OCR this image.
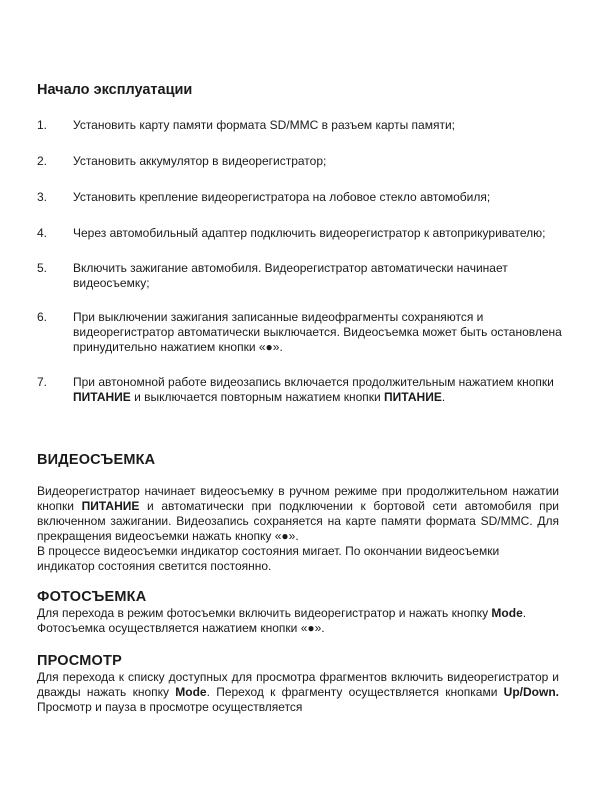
Начало эксплуатации
1.	Установить карту памяти формата SD/MMC в разъем карты памяти;
2.	Установить аккумулятор в видеорегистратор;
3.	Установить крепление видеорегистратора на лобовое стекло автомобиля;
4.	Через автомобильный адаптер подключить видеорегистратор к автоприкуривателю;
5.	Включить зажигание автомобиля. Видеорегистратор автоматически начинает видеосъемку;
6.	При выключении зажигания записанные видеофрагменты сохраняются и видеорегистратор автоматически выключается. Видеосъемка может быть остановлена принудительно нажатием кнопки «●».
7.	При автономной работе видеозапись включается продолжительным нажатием кнопки ПИТАНИЕ и выключается повторным нажатием кнопки ПИТАНИЕ.
ВИДЕОСЪЕМКА

Видеорегистратор начинает видеосъемку в ручном режиме при продолжительном нажатии кнопки ПИТАНИЕ и автоматически при подключении к бортовой сети автомобиля при включенном зажигании. Видеозапись сохраняется на карте памяти формата SD/MMC. Для прекращения видеосъемки нажать кнопку «●».

В процессе видеосъемки индикатор состояния мигает. По окончании видеосъемки индикатор состояния светится постоянно.

ФОТОСЪЕМКА

Для перехода в режим фотосъемки включить видеорегистратор и нажать кнопку Mode.

Фотосъемка осуществляется нажатием кнопки «●».

ПРОСМОТР

Для перехода к списку доступных для просмотра фрагментов включить видеорегистратор и дважды нажать кнопку Mode. Переход к фрагменту осуществляется кнопками Up/Down. Просмотр и пауза в просмотре осуществляется
